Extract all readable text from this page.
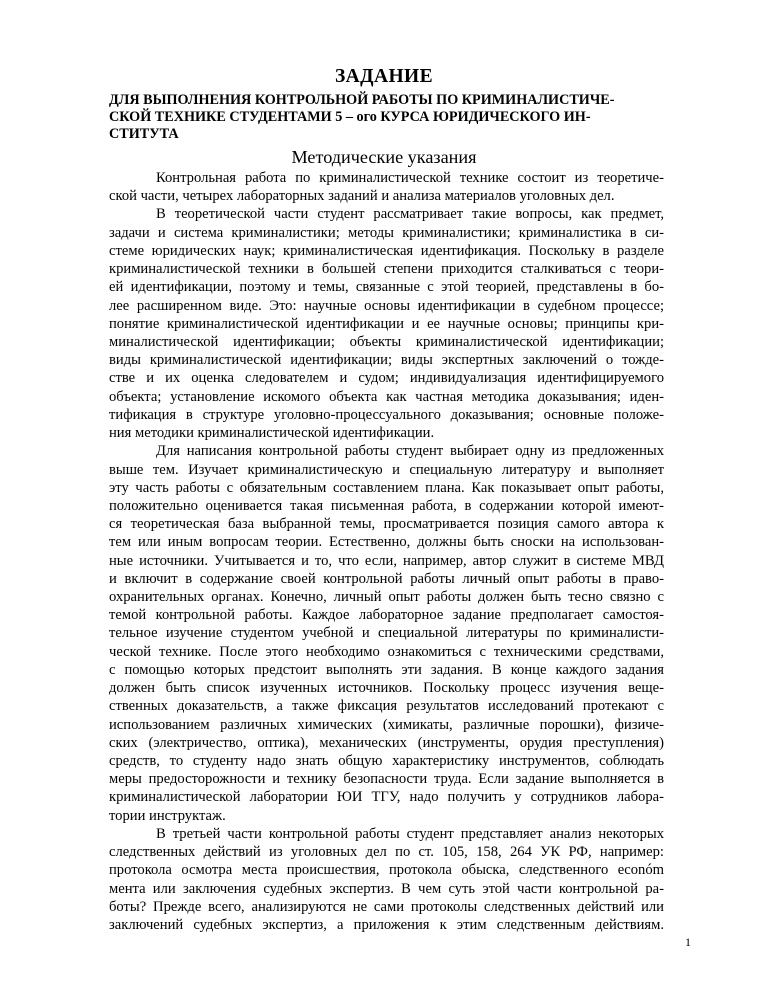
ЗАДАНИЕ
ДЛЯ ВЫПОЛНЕНИЯ КОНТРОЛЬНОЙ РАБОТЫ ПО КРИМИНАЛИСТИЧЕ-
СКОЙ ТЕХНИКЕ СТУДЕНТАМИ 5 – ого КУРСА ЮРИДИЧЕСКОГО ИН-
СТИТУТА
Методические указания
Контрольная работа по криминалистической технике состоит из теоретиче-
ской части, четырех лабораторных заданий и анализа материалов уголовных дел.
В теоретической части студент рассматривает такие вопросы, как предмет,
задачи и система криминалистики; методы криминалистики; криминалистика в си-
стеме юридических наук; криминалистическая идентификация. Поскольку в разделе
криминалистической техники в большей степени приходится сталкиваться с теори-
ей идентификации, поэтому и темы, связанные с этой теорией, представлены в бо-
лее расширенном виде. Это: научные основы идентификации в судебном процессе;
понятие криминалистической идентификации и ее научные основы; принципы кри-
миналистической идентификации; объекты криминалистической идентификации;
виды криминалистической идентификации; виды экспертных заключений о тожде-
стве и их оценка следователем и судом; индивидуализация идентифицируемого
объекта; установление искомого объекта как частная методика доказывания; иден-
тификация в структуре уголовно-процессуального доказывания; основные положе-
ния методики криминалистической идентификации.
Для написания контрольной работы студент выбирает одну из предложенных
выше тем. Изучает криминалистическую и специальную литературу и выполняет
эту часть работы с обязательным составлением плана. Как показывает опыт работы,
положительно оценивается такая письменная работа, в содержании которой имеют-
ся теоретическая база выбранной темы, просматривается позиция самого автора к
тем или иным вопросам теории. Естественно, должны быть сноски на использован-
ные источники. Учитывается и то, что если, например, автор служит в системе МВД
и включит в содержание своей контрольной работы личный опыт работы в право-
охранительных органах. Конечно, личный опыт работы должен быть тесно связно с
темой контрольной работы. Каждое лабораторное задание предполагает самостоя-
тельное изучение студентом учебной и специальной литературы по криминалисти-
ческой технике. После этого необходимо ознакомиться с техническими средствами,
с помощью которых предстоит выполнять эти задания. В конце каждого задания
должен быть список изученных источников. Поскольку процесс изучения веще-
ственных доказательств, а также фиксация результатов исследований протекают с
использованием различных химических (химикаты, различные порошки), физиче-
ских (электричество, оптика), механических (инструменты, орудия преступления)
средств, то студенту надо знать общую характеристику инструментов, соблюдать
меры предосторожности и технику безопасности труда. Если задание выполняется в
криминалистической лаборатории ЮИ ТГУ, надо получить у сотрудников лабора-
тории инструктаж.
В третьей части контрольной работы студент представляет анализ некоторых
следственных действий из уголовных дел по ст. 105, 158, 264 УК РФ, например:
протокола осмотра места происшествия, протокола обыска, следственного económ
мента или заключения судебных экспертиз. В чем суть этой части контрольной ра-
боты? Прежде всего, анализируются не сами протоколы следственных действий или
заключений судебных экспертиз, а приложения к этим следственным действиям.
1
